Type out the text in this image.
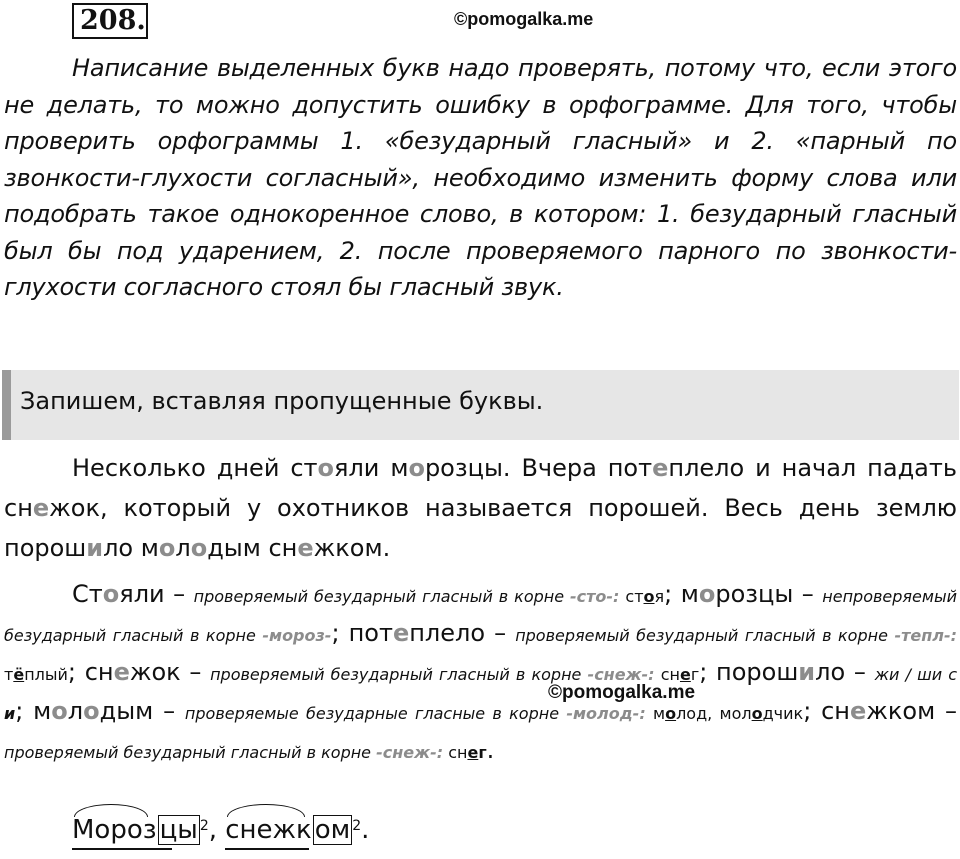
208.	©pomogalka.me

Написание выделенных букв надо проверять, потому что, если этого не делать, то можно допустить ошибку в орфограмме. Для того, чтобы проверить орфограммы 1. «безударный гласный» и 2. «парный по звонкости-глухости согласный», необходимо изменить форму слова или подобрать такое однокоренное слово, в котором: 1. безударный гласный был бы под ударением, 2. после проверяемого парного по звонкости-глухости согласного стоял бы гласный звук.

Запишем, вставляя пропущенные буквы.

Несколько дней стояли морозцы. Вчера потеплело и начал падать снежок, который у охотников называется порошей. Весь день землю порошило молодым снежком.

Стояли – проверяемый безударный гласный в корне -сто-: стоя; морозцы – непроверяемый безударный гласный в корне -мороз-; потеплело – проверяемый безударный гласный в корне -тепл-: тёплый; снежок – проверяемый безударный гласный в корне -снеж-: снег; порошило – жи / ши с и; молодым – проверяемые безударные гласные в корне -молод-: молод, молодчик; снежком – проверяемый безударный гласный в корне -снеж-: снег.

©pomogalka.me
Мороз цы $^2$
,
снежк ом $^2$
.
